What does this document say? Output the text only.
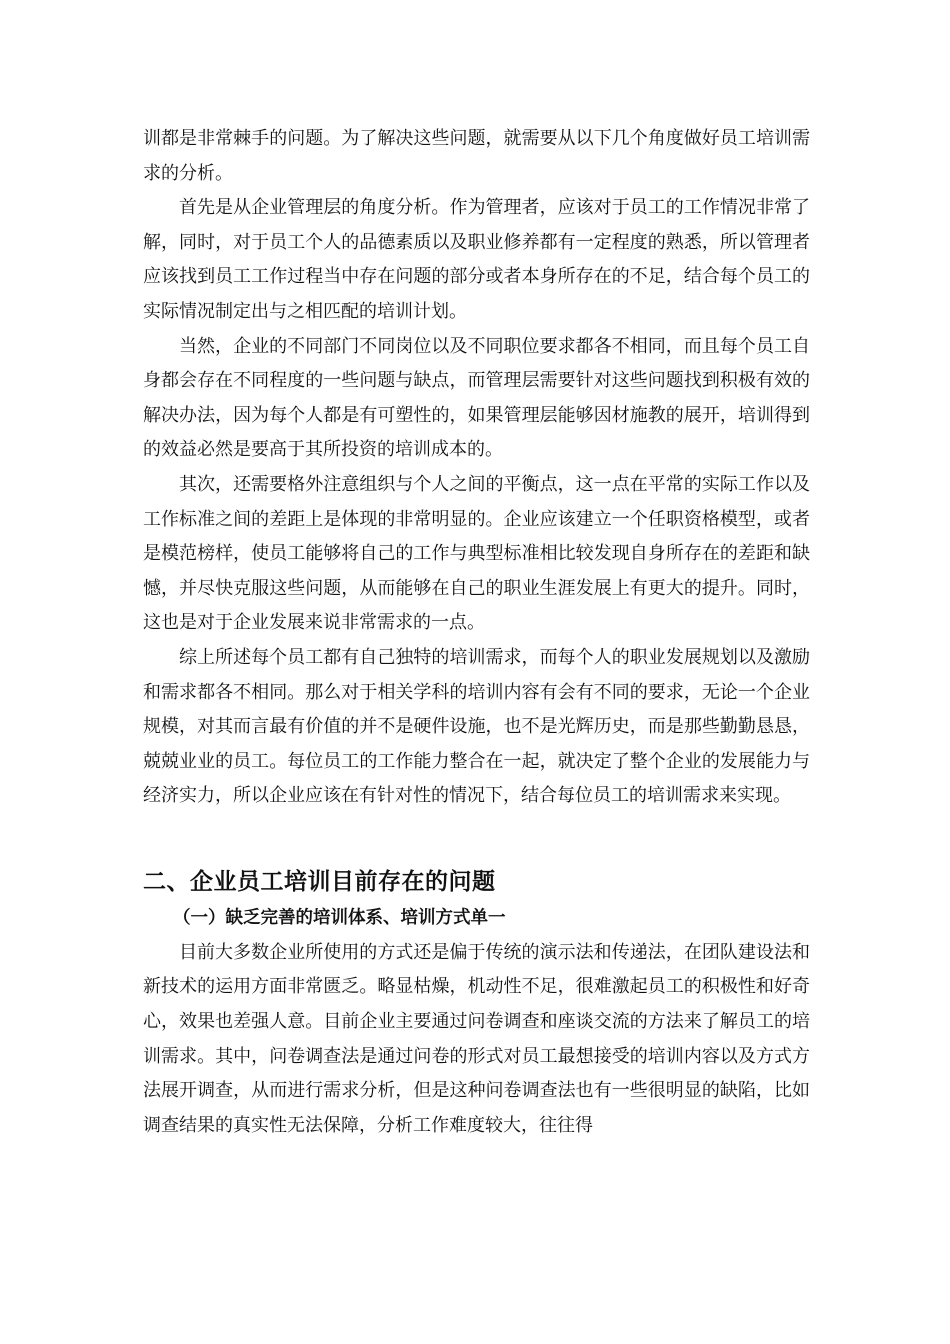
训都是非常棘手的问题。为了解决这些问题，就需要从以下几个角度做好员工培训需求的分析。

首先是从企业管理层的角度分析。作为管理者，应该对于员工的工作情况非常了解，同时，对于员工个人的品德素质以及职业修养都有一定程度的熟悉，所以管理者应该找到员工工作过程当中存在问题的部分或者本身所存在的不足，结合每个员工的实际情况制定出与之相匹配的培训计划。

当然，企业的不同部门不同岗位以及不同职位要求都各不相同，而且每个员工自身都会存在不同程度的一些问题与缺点，而管理层需要针对这些问题找到积极有效的解决办法，因为每个人都是有可塑性的，如果管理层能够因材施教的展开，培训得到的效益必然是要高于其所投资的培训成本的。

其次，还需要格外注意组织与个人之间的平衡点，这一点在平常的实际工作以及工作标准之间的差距上是体现的非常明显的。企业应该建立一个任职资格模型，或者是模范榜样，使员工能够将自己的工作与典型标准相比较发现自身所存在的差距和缺憾，并尽快克服这些问题，从而能够在自己的职业生涯发展上有更大的提升。同时，这也是对于企业发展来说非常需求的一点。

综上所述每个员工都有自己独特的培训需求，而每个人的职业发展规划以及激励和需求都各不相同。那么对于相关学科的培训内容有会有不同的要求，无论一个企业规模，对其而言最有价值的并不是硬件设施，也不是光辉历史，而是那些勤勤恳恳，兢兢业业的员工。每位员工的工作能力整合在一起，就决定了整个企业的发展能力与经济实力，所以企业应该在有针对性的情况下，结合每位员工的培训需求来实现。

二、企业员工培训目前存在的问题
（一）缺乏完善的培训体系、培训方式单一

目前大多数企业所使用的方式还是偏于传统的演示法和传递法，在团队建设法和新技术的运用方面非常匮乏。略显枯燥，机动性不足，很难激起员工的积极性和好奇心，效果也差强人意。目前企业主要通过问卷调查和座谈交流的方法来了解员工的培训需求。其中，问卷调查法是通过问卷的形式对员工最想接受的培训内容以及方式方法展开调查，从而进行需求分析，但是这种问卷调查法也有一些很明显的缺陷，比如调查结果的真实性无法保障，分析工作难度较大，往往得
